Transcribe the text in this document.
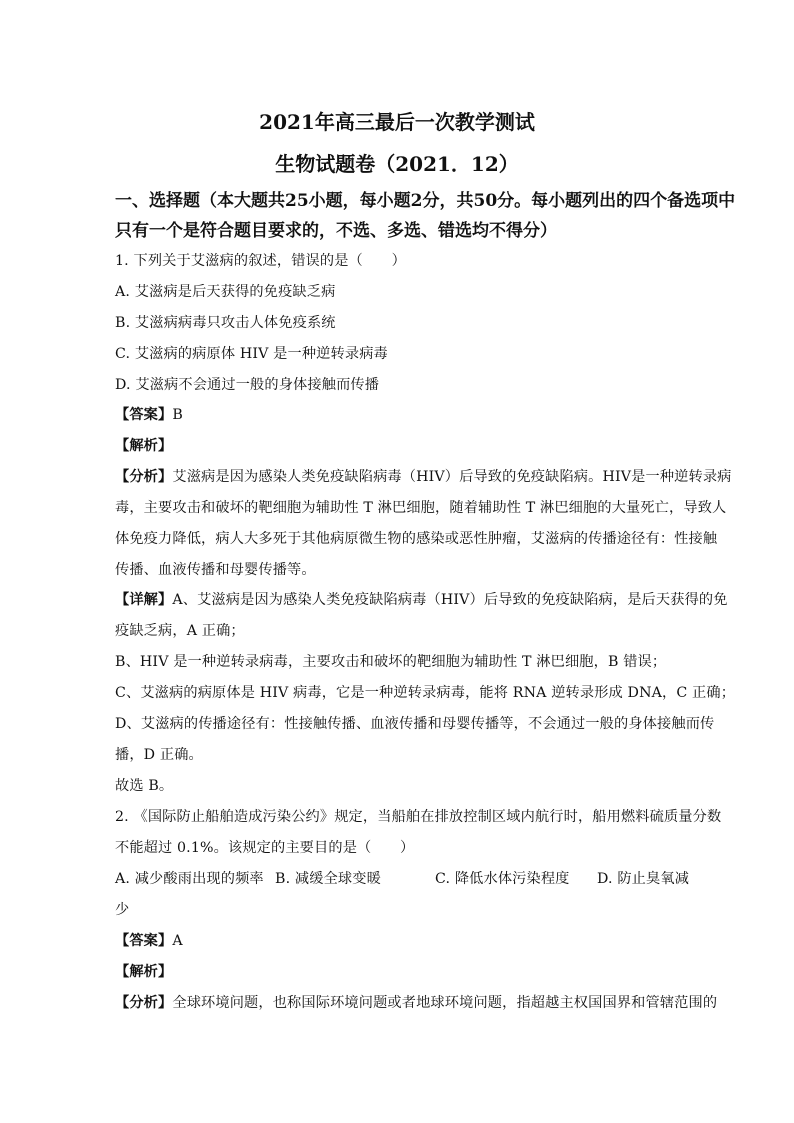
2021年高三最后一次教学测试
生物试题卷（2021．12）
一、选择题（本大题共25小题，每小题2分，共50分。每小题列出的四个备选项中
只有一个是符合题目要求的，不选、多选、错选均不得分）
1. 下列关于艾滋病的叙述，错误的是（　　）
A. 艾滋病是后天获得的免疫缺乏病
B. 艾滋病病毒只攻击人体免疫系统
C. 艾滋病的病原体 HIV 是一种逆转录病毒
D. 艾滋病不会通过一般的身体接触而传播
【答案】B
【解析】
【分析】艾滋病是因为感染人类免疫缺陷病毒（HIV）后导致的免疫缺陷病。HIV是一种逆转录病
毒，主要攻击和破坏的靶细胞为辅助性 T 淋巴细胞，随着辅助性 T 淋巴细胞的大量死亡，导致人
体免疫力降低，病人大多死于其他病原微生物的感染或恶性肿瘤，艾滋病的传播途径有：性接触
传播、血液传播和母婴传播等。
【详解】A、艾滋病是因为感染人类免疫缺陷病毒（HIV）后导致的免疫缺陷病，是后天获得的免
疫缺乏病，A 正确；
B、HIV 是一种逆转录病毒，主要攻击和破坏的靶细胞为辅助性 T 淋巴细胞，B 错误；
C、艾滋病的病原体是 HIV 病毒，它是一种逆转录病毒，能将 RNA 逆转录形成 DNA，C 正确；
D、艾滋病的传播途径有：性接触传播、血液传播和母婴传播等，不会通过一般的身体接触而传
播，D 正确。
故选 B。
2. 《国际防止船舶造成污染公约》规定，当船舶在排放控制区域内航行时，船用燃料硫质量分数
不能超过 0.1%。该规定的主要目的是（　　）
A. 减少酸雨出现的频率 B. 减缓全球变暖	C. 降低水体污染程度 D. 防止臭氧减
少
【答案】A
【解析】
【分析】全球环境问题，也称国际环境问题或者地球环境问题，指超越主权国国界和管辖范围的
